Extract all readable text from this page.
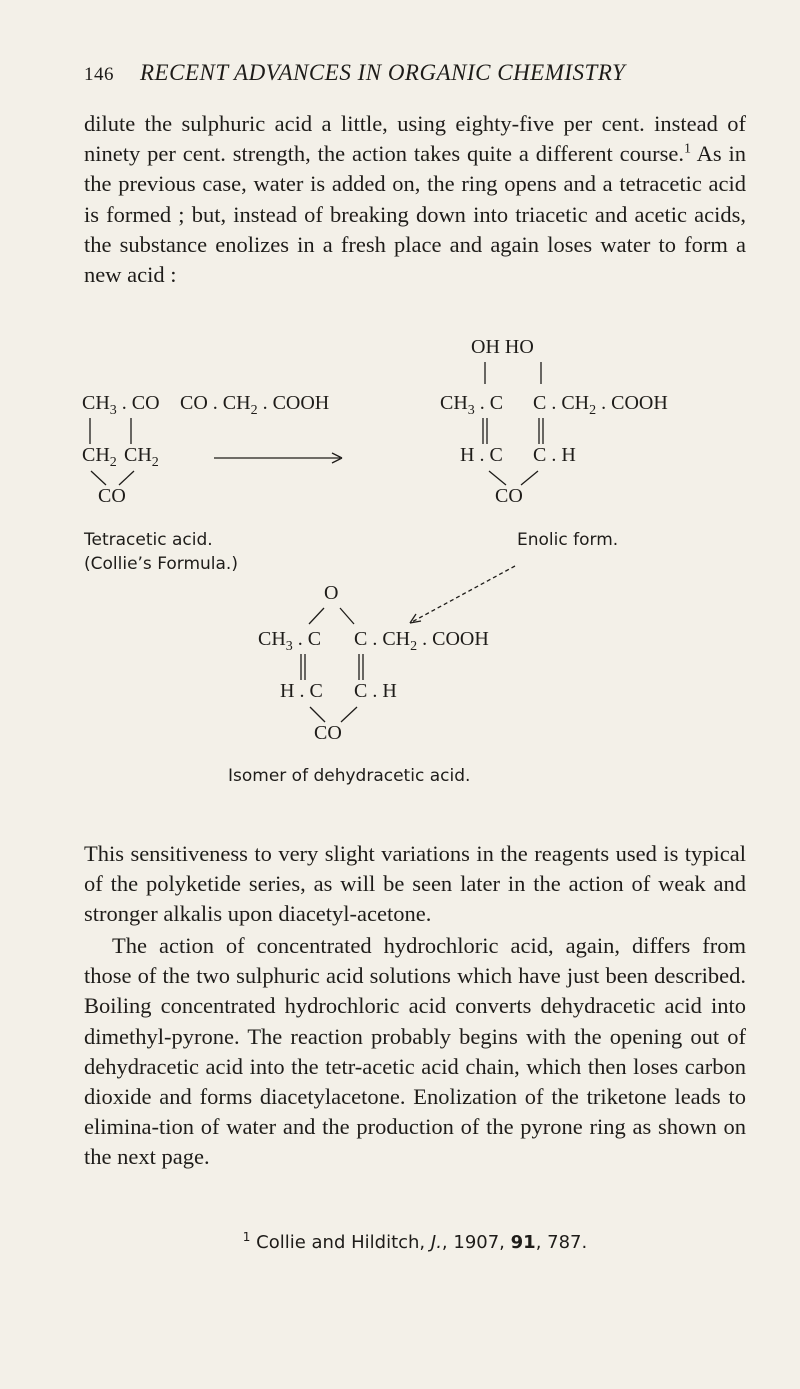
146 RECENT ADVANCES IN ORGANIC CHEMISTRY

dilute the sulphuric acid a little, using eighty-five per cent. instead of ninety per cent. strength, the action takes quite a different course.$^1$ As in the previous case, water is added on, the ring opens and a tetracetic acid is formed ; but, instead of breaking down into triacetic and acetic acids, the substance enolizes in a fresh place and again loses water to form a new acid :

$CH_3$ . CO CO . $CH_2$ . COOH
$CH_2$ $CH_2$
CO
Tetracetic acid.
(Collie’s Formula.)
OH HO
$CH_3$ . C C . $CH_2$ . COOH
H . C C . H
CO
Enolic form.
O
$CH_3$ . C C . $CH_2$ . COOH
H . C C . H
CO
Isomer of dehydracetic acid.

This sensitiveness to very slight variations in the reagents used is typical of the polyketide series, as will be seen later in the action of weak and stronger alkalis upon diacetyl-acetone.

The action of concentrated hydrochloric acid, again, differs from those of the two sulphuric acid solutions which have just been described. Boiling concentrated hydrochloric acid converts dehydracetic acid into dimethyl-pyrone. The reaction probably begins with the opening out of dehydracetic acid into the tetr-acetic acid chain, which then loses carbon dioxide and forms diacetylacetone. Enolization of the triketone leads to elimina-tion of water and the production of the pyrone ring as shown on the next page.

$^1$ Collie and Hilditch, J., 1907, 91, 787.
